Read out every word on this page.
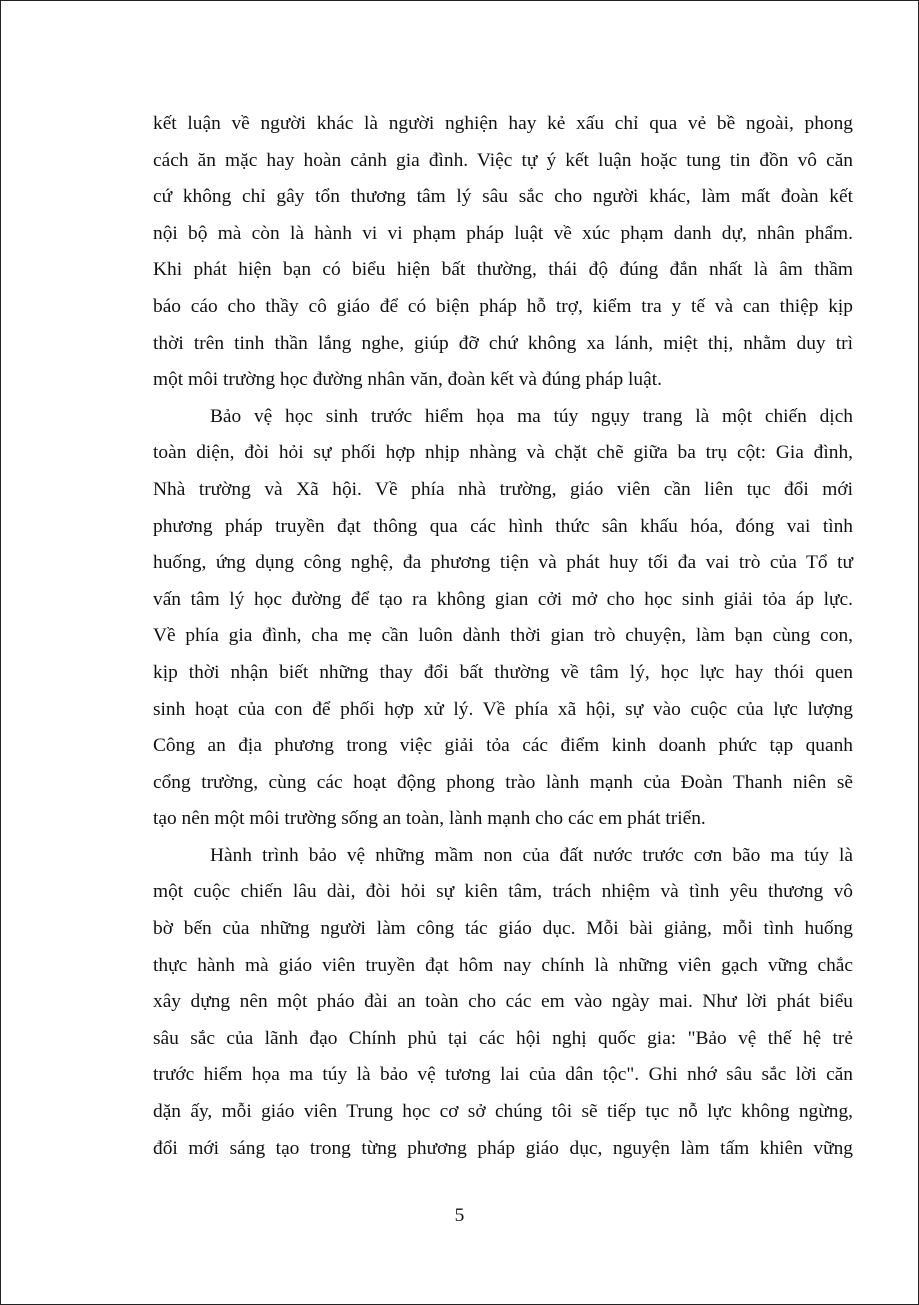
kết luận về người khác là người nghiện hay kẻ xấu chỉ qua vẻ bề ngoài, phong
cách ăn mặc hay hoàn cảnh gia đình. Việc tự ý kết luận hoặc tung tin đồn vô căn
cứ không chỉ gây tổn thương tâm lý sâu sắc cho người khác, làm mất đoàn kết
nội bộ mà còn là hành vi vi phạm pháp luật về xúc phạm danh dự, nhân phẩm.
Khi phát hiện bạn có biểu hiện bất thường, thái độ đúng đắn nhất là âm thầm
báo cáo cho thầy cô giáo để có biện pháp hỗ trợ, kiểm tra y tế và can thiệp kịp
thời trên tinh thần lắng nghe, giúp đỡ chứ không xa lánh, miệt thị, nhằm duy trì
một môi trường học đường nhân văn, đoàn kết và đúng pháp luật.
Bảo vệ học sinh trước hiểm họa ma túy ngụy trang là một chiến dịch
toàn diện, đòi hỏi sự phối hợp nhịp nhàng và chặt chẽ giữa ba trụ cột: Gia đình,
Nhà trường và Xã hội. Về phía nhà trường, giáo viên cần liên tục đổi mới
phương pháp truyền đạt thông qua các hình thức sân khấu hóa, đóng vai tình
huống, ứng dụng công nghệ, đa phương tiện và phát huy tối đa vai trò của Tổ tư
vấn tâm lý học đường để tạo ra không gian cởi mở cho học sinh giải tỏa áp lực.
Về phía gia đình, cha mẹ cần luôn dành thời gian trò chuyện, làm bạn cùng con,
kịp thời nhận biết những thay đổi bất thường về tâm lý, học lực hay thói quen
sinh hoạt của con để phối hợp xử lý. Về phía xã hội, sự vào cuộc của lực lượng
Công an địa phương trong việc giải tỏa các điểm kinh doanh phức tạp quanh
cổng trường, cùng các hoạt động phong trào lành mạnh của Đoàn Thanh niên sẽ
tạo nên một môi trường sống an toàn, lành mạnh cho các em phát triển.
Hành trình bảo vệ những mầm non của đất nước trước cơn bão ma túy là
một cuộc chiến lâu dài, đòi hỏi sự kiên tâm, trách nhiệm và tình yêu thương vô
bờ bến của những người làm công tác giáo dục. Mỗi bài giảng, mỗi tình huống
thực hành mà giáo viên truyền đạt hôm nay chính là những viên gạch vững chắc
xây dựng nên một pháo đài an toàn cho các em vào ngày mai. Như lời phát biểu
sâu sắc của lãnh đạo Chính phủ tại các hội nghị quốc gia: "Bảo vệ thế hệ trẻ
trước hiểm họa ma túy là bảo vệ tương lai của dân tộc". Ghi nhớ sâu sắc lời căn
dặn ấy, mỗi giáo viên Trung học cơ sở chúng tôi sẽ tiếp tục nỗ lực không ngừng,
đổi mới sáng tạo trong từng phương pháp giáo dục, nguyện làm tấm khiên vững
5
